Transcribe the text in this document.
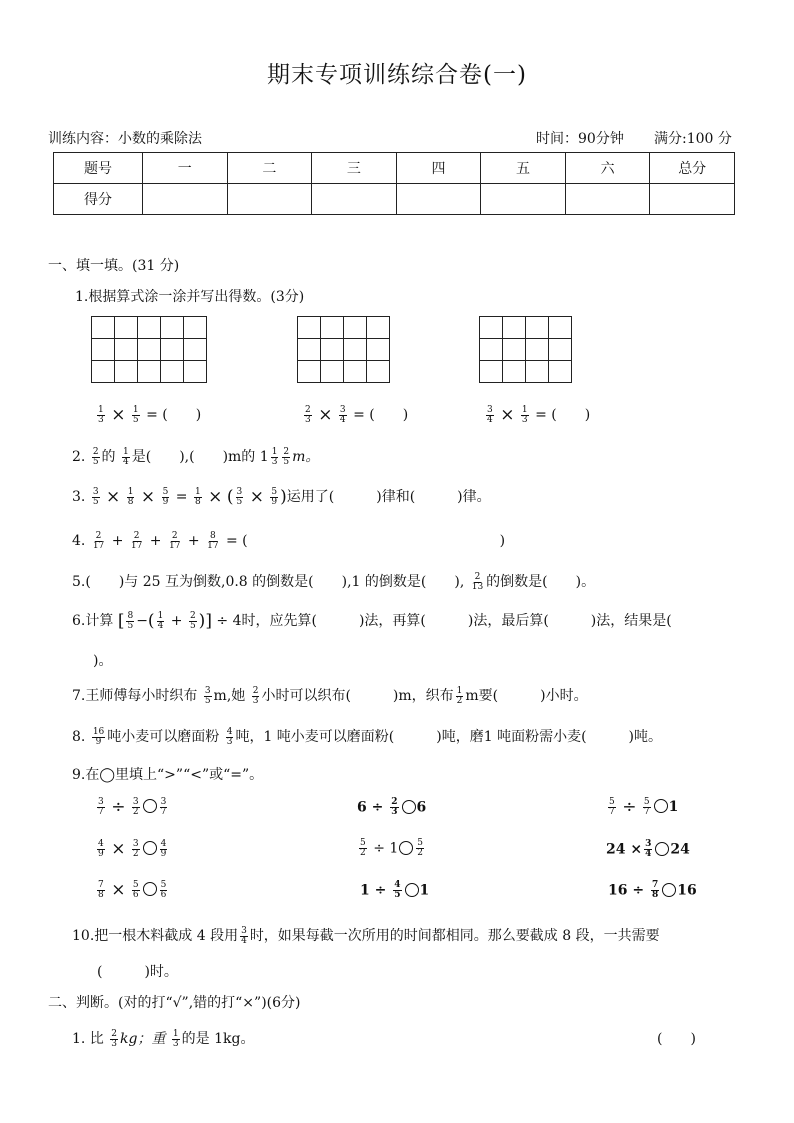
期末专项训练综合卷(一)
训练内容：小数的乘除法	时间：90分钟 满分:100 分
题号	一	二	三	四	五	六	总分
得分							
一、填一填。(31 分)
1.根据算式涂一涂并写出得数。(3分)
$\frac{1}{3} \times \frac{1}{5}$ = (　　)	$\frac{2}{3} \times \frac{3}{4}$ = (　　)	$\frac{3}{4} \times \frac{1}{3}$ = (　　)
2. $\frac{2}{5}$ 的 $\frac{1}{4}$ 是(　　),(　　)m的 $1 \frac{1}{3} \frac{2}{5}$ m。
3. $\frac{3}{5} \times \frac{1}{8} \times \frac{5}{9} = \frac{1}{8}$ × ( $\frac{3}{5} \times \frac{5}{9}$ )运用了(　　　)律和(　　　)律。
4. $\frac{2}{17} + \frac{2}{17} + \frac{2}{17} + \frac{8}{17}$ = (　　　　　　　　　　　　　　　　　　)
5.(　　)与 25 互为倒数,0.8 的倒数是(　　),1 的倒数是(　　), $\frac{2}{13}$ 的倒数是(　　)。
6.计算 [ $\frac{8}{5}$ −( $\frac{1}{4} + \frac{2}{5}$ )] ÷ 4时，应先算(　　　)法，再算(　　　)法，最后算(　　　)法，结果是(
)。
7.王师傅每小时织布 $\frac{3}{5} m$,她 $\frac{2}{3}$ 小时可以织布(　　　)m，织布 $\frac{1}{2}$ m要(　　　)小时。
8. $\frac{16}{9}$ 吨小麦可以磨面粉 $\frac{4}{3}$ 吨，1 吨小麦可以磨面粉(　　　)吨，磨1 吨面粉需小麦(　　　)吨。
9.在◯里填上“>”“<”或“=”。
$\frac{3}{7} \div \frac{3}{2} \frac{3}{7}$	$6 \div \frac{2}{3} 6$	$\frac{5}{7} \div \frac{5}{7} 1$
$\frac{4}{9} \times \frac{3}{2} \frac{4}{9}$	$\frac{5}{2} \div 1 \frac{5}{2}$	$24 \times \frac{3}{4} 24$
$\frac{7}{8} \times \frac{5}{6} \frac{5}{6}$	$1 \div \frac{4}{5} 1$	$16 \div \frac{7}{8} 16$
10.把一根木料截成 4 段用 $\frac{3}{4}$ 时，如果每截一次所用的时间都相同。那么要截成 8 段，一共需要
(　　　)时。
二、判断。(对的打“√”,错的打“×”)(6分)
1. 比 $\frac{2}{3}$ kg；重 $\frac{1}{3}$ 的是 1kg。	(　　)
